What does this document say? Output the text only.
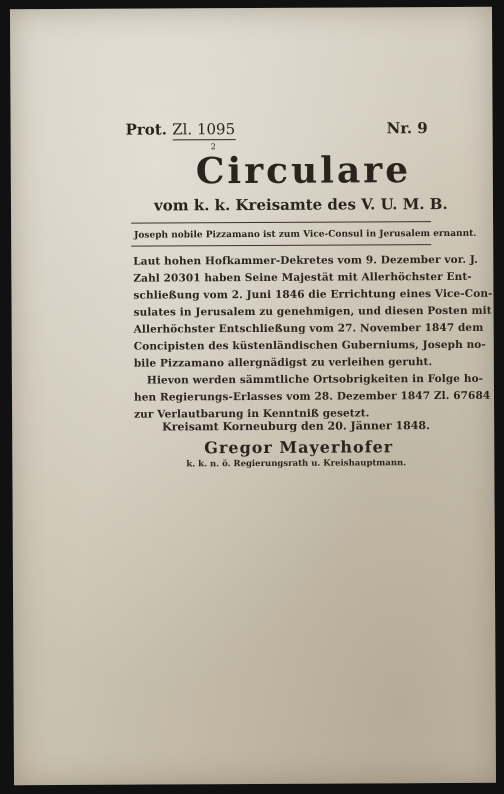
Prot. Zl. 1095
2
Nr. 9
Circulare
vom k. k. Kreisamte des V. U. M. B.
Joseph nobile Pizzamano ist zum Vice-Consul in Jerusalem ernannt.
Laut hohen Hofkammer-Dekretes vom 9. Dezember vor. J.
Zahl 20301 haben Seine Majestät mit Allerhöchster Ent-
schließung vom 2. Juni 1846 die Errichtung eines Vice-Con-
sulates in Jerusalem zu genehmigen, und diesen Posten mit
Allerhöchster Entschließung vom 27. November 1847 dem
Concipisten des küstenländischen Guberniums, Joseph no-
bile Pizzamano allergnädigst zu verleihen geruht.
Hievon werden sämmtliche Ortsobrigkeiten in Folge ho-
hen Regierungs-Erlasses vom 28. Dezember 1847 Zl. 67684
zur Verlautbarung in Kenntniß gesetzt.
Kreisamt Korneuburg den 20. Jänner 1848.
Gregor Mayerhofer
k. k. n. ö. Regierungsrath u. Kreishauptmann.
